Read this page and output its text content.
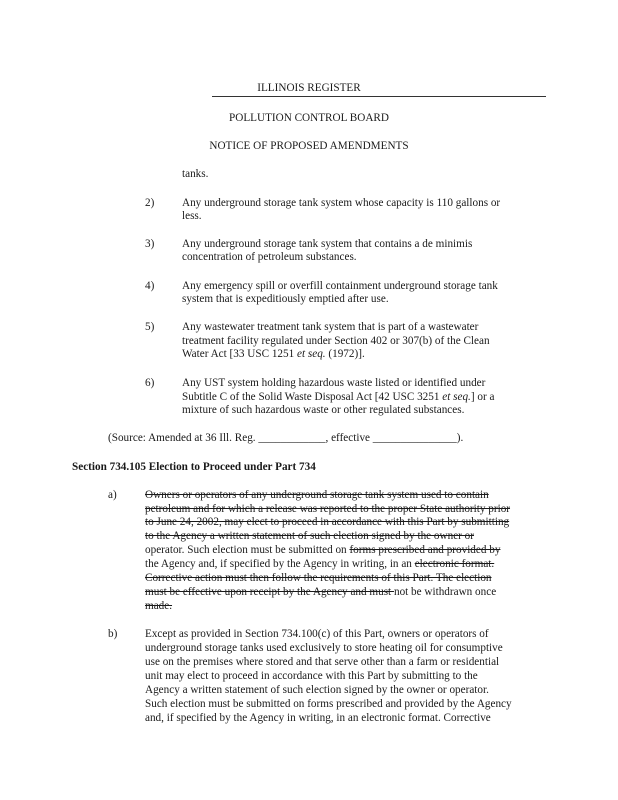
ILLINOIS REGISTER
POLLUTION CONTROL BOARD
NOTICE OF PROPOSED AMENDMENTS
tanks.
2) Any underground storage tank system whose capacity is 110 gallons or
less.
3) Any underground storage tank system that contains a de minimis
concentration of petroleum substances.
4) Any emergency spill or overfill containment underground storage tank
system that is expeditiously emptied after use.
5) Any wastewater treatment tank system that is part of a wastewater
treatment facility regulated under Section 402 or 307(b) of the Clean
Water Act [33 USC 1251 et seq. (1972)].
6) Any UST system holding hazardous waste listed or identified under
Subtitle C of the Solid Waste Disposal Act [42 USC 3251 et seq.] or a
mixture of such hazardous waste or other regulated substances.
(Source: Amended at 36 Ill. Reg. ____________, effective _______________).
Section 734.105 Election to Proceed under Part 734
a)	Owners or operators of any underground storage tank system used to contain
petroleum and for which a release was reported to the proper State authority prior
to June 24, 2002, may elect to proceed in accordance with this Part by submitting
to the Agency a written statement of such election signed by the owner or
operator. Such election must be submitted on forms prescribed and provided by
the Agency and, if specified by the Agency in writing, in an electronic format.
Corrective action must then follow the requirements of this Part. The election
must be effective upon receipt by the Agency and must not be withdrawn once
made.
b) Except as provided in Section 734.100(c) of this Part, owners or operators of
underground storage tanks used exclusively to store heating oil for consumptive
use on the premises where stored and that serve other than a farm or residential
unit may elect to proceed in accordance with this Part by submitting to the
Agency a written statement of such election signed by the owner or operator.
Such election must be submitted on forms prescribed and provided by the Agency
and, if specified by the Agency in writing, in an electronic format. Corrective
